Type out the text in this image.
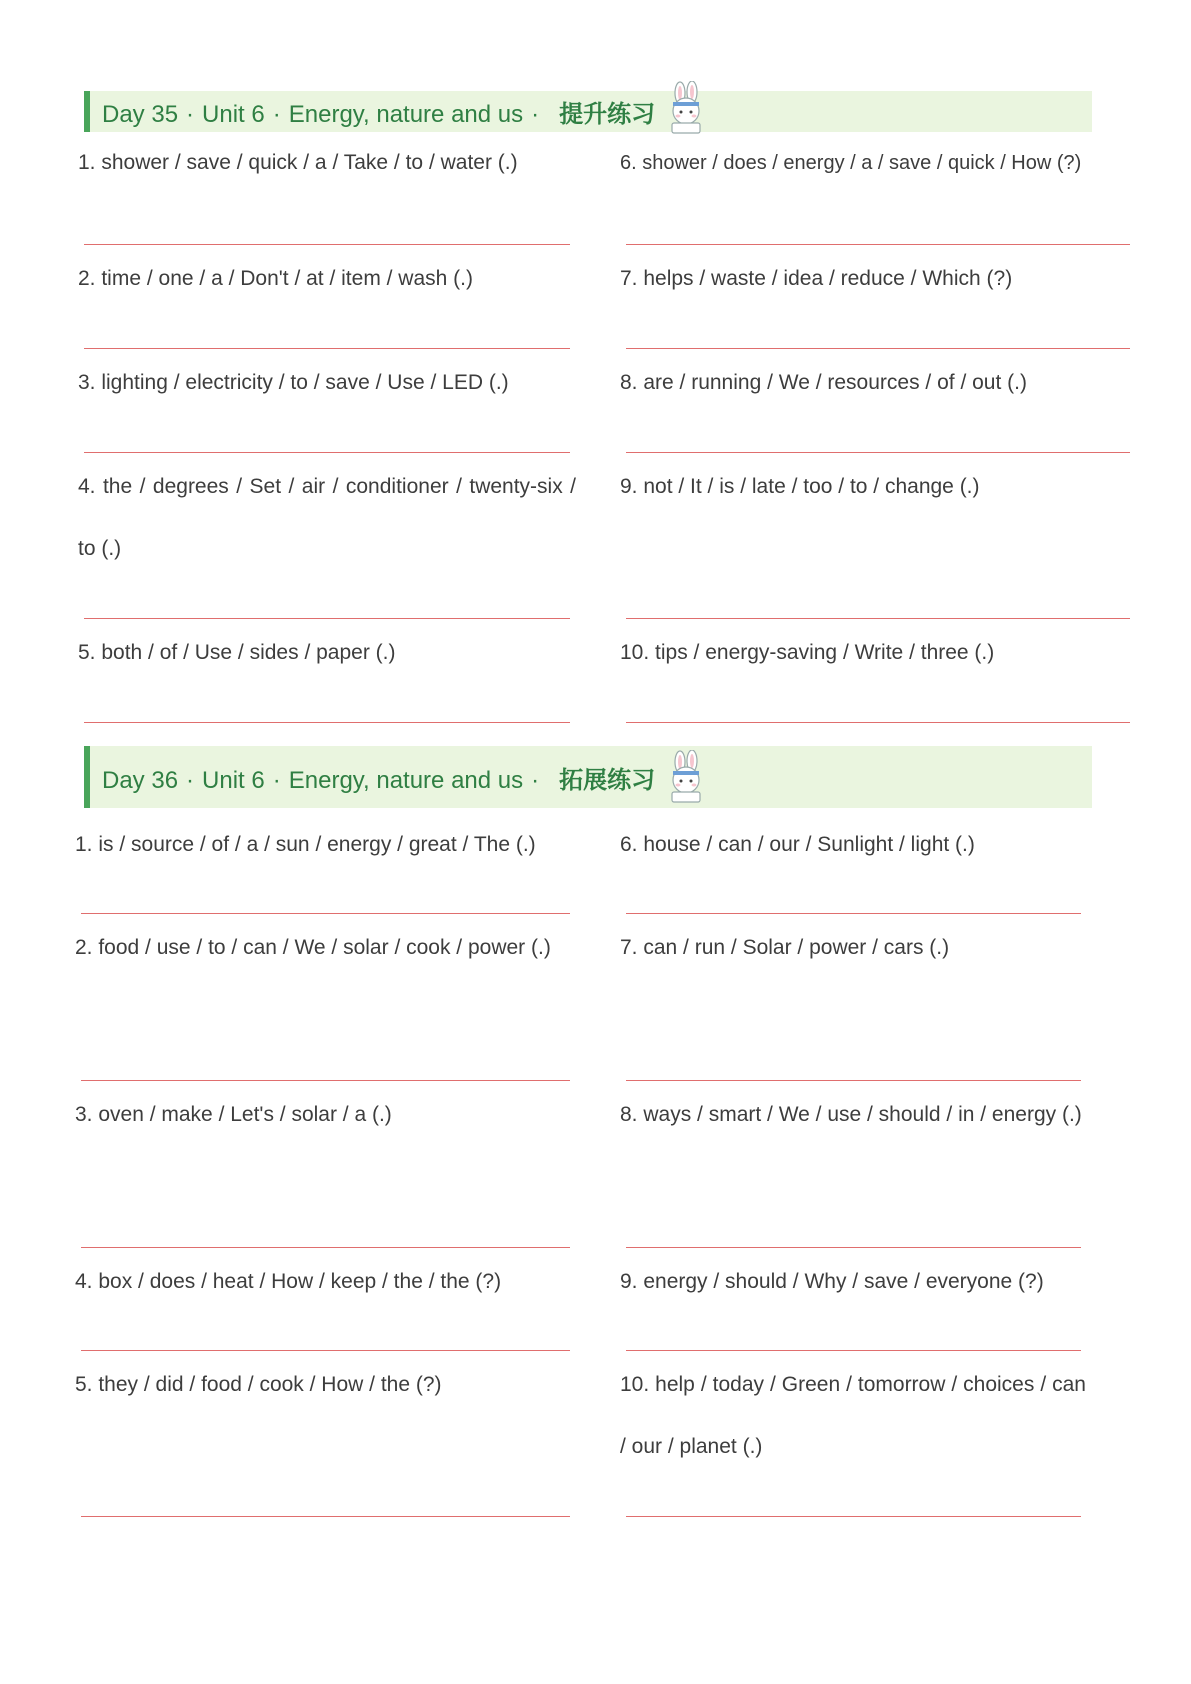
Day 35 · Unit 6 · Energy, nature and us · 提升练习
1. shower / save / quick / a / Take / to / water (.)
2. time / one / a / Don't / at / item / wash (.)
3. lighting / electricity / to / save / Use / LED (.)
4. the / degrees / Set / air / conditioner / twenty-six / to (.)
5. both / of / Use / sides / paper (.)
6. shower / does / energy / a / save / quick / How (?)
7. helps / waste / idea / reduce / Which (?)
8. are / running / We / resources / of / out (.)
9. not / It / is / late / too / to / change (.)
10. tips / energy-saving / Write / three (.)
Day 36 · Unit 6 · Energy, nature and us · 拓展练习
1. is / source / of / a / sun / energy / great / The (.)
2. food / use / to / can / We / solar / cook / power (.)
3. oven / make / Let's / solar / a (.)
4. box / does / heat / How / keep / the / the (?)
5. they / did / food / cook / How / the (?)
6. house / can / our / Sunlight / light (.)
7. can / run / Solar / power / cars (.)
8. ways / smart / We / use / should / in / energy (.)
9. energy / should / Why / save / everyone (?)
10. help / today / Green / tomorrow / choices / can / our / planet (.)
